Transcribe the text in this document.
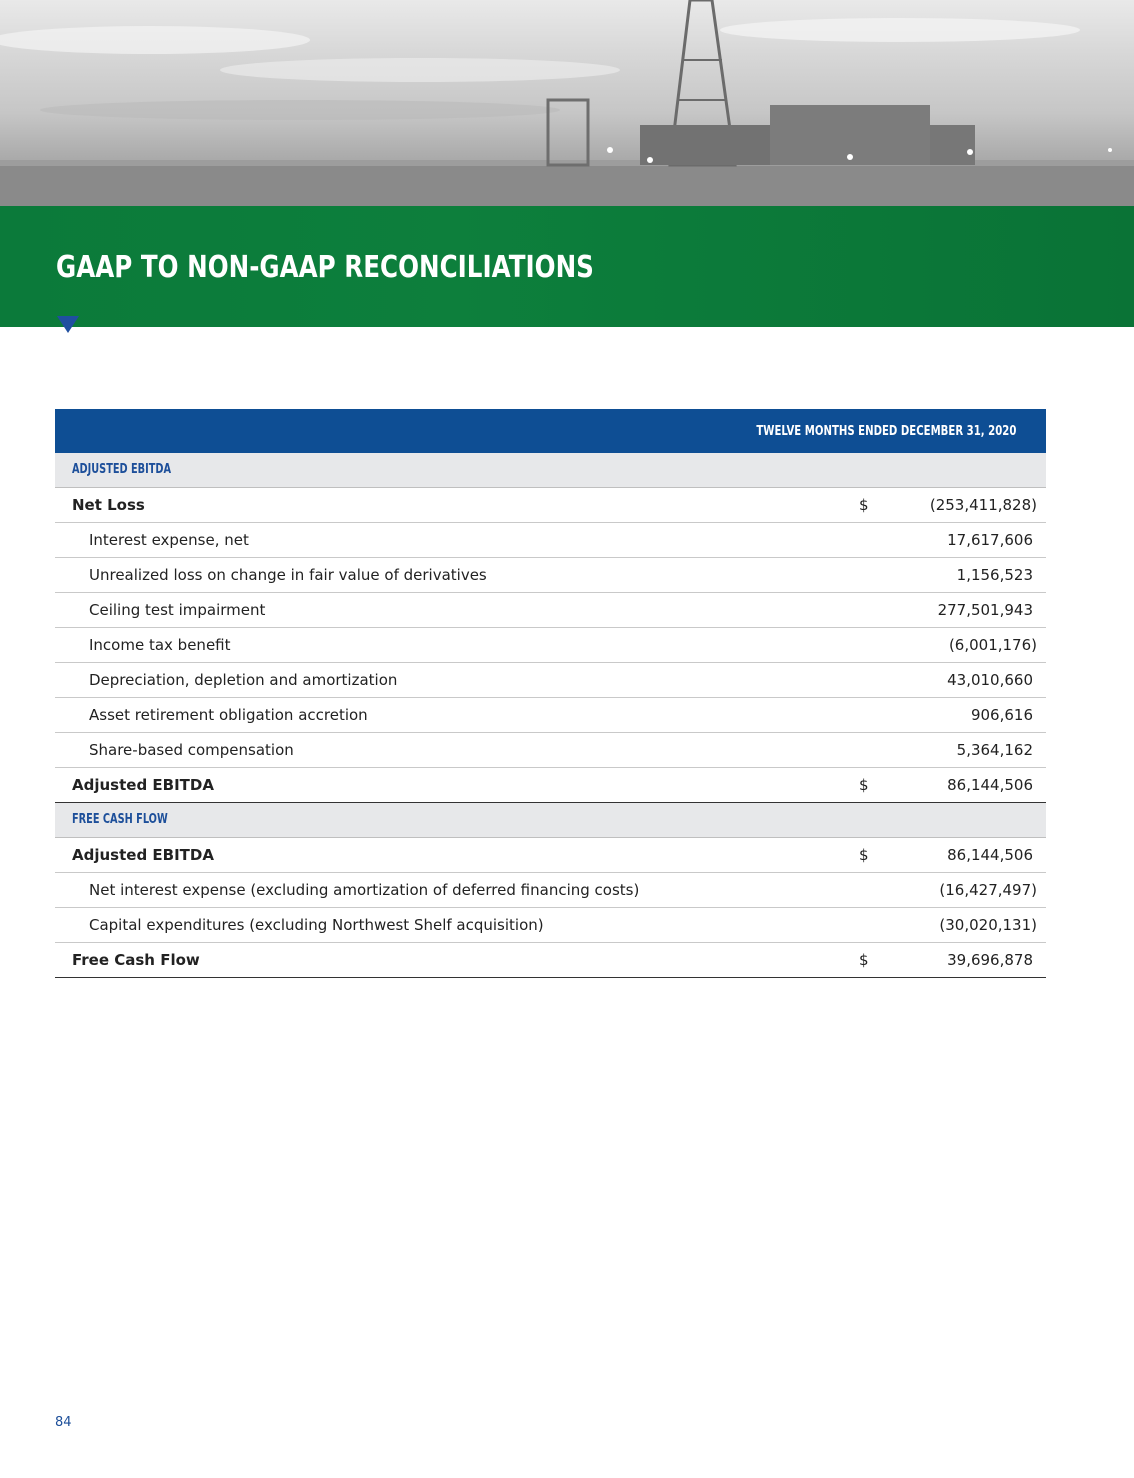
GAAP TO NON-GAAP RECONCILIATIONS
TWELVE MONTHS ENDED DECEMBER 31, 2020
ADJUSTED EBITDA
Net Loss	$	(253,411,828)
Interest expense, net	17,617,606
Unrealized loss on change in fair value of derivatives	1,156,523
Ceiling test impairment	277,501,943
Income tax benefit	(6,001,176)
Depreciation, depletion and amortization	43,010,660
Asset retirement obligation accretion	906,616
Share-based compensation	5,364,162
Adjusted EBITDA	$	86,144,506
FREE CASH FLOW
Adjusted EBITDA	$	86,144,506
Net interest expense (excluding amortization of deferred financing costs)	(16,427,497)
Capital expenditures (excluding Northwest Shelf acquisition)	(30,020,131)
Free Cash Flow	$	39,696,878
84
